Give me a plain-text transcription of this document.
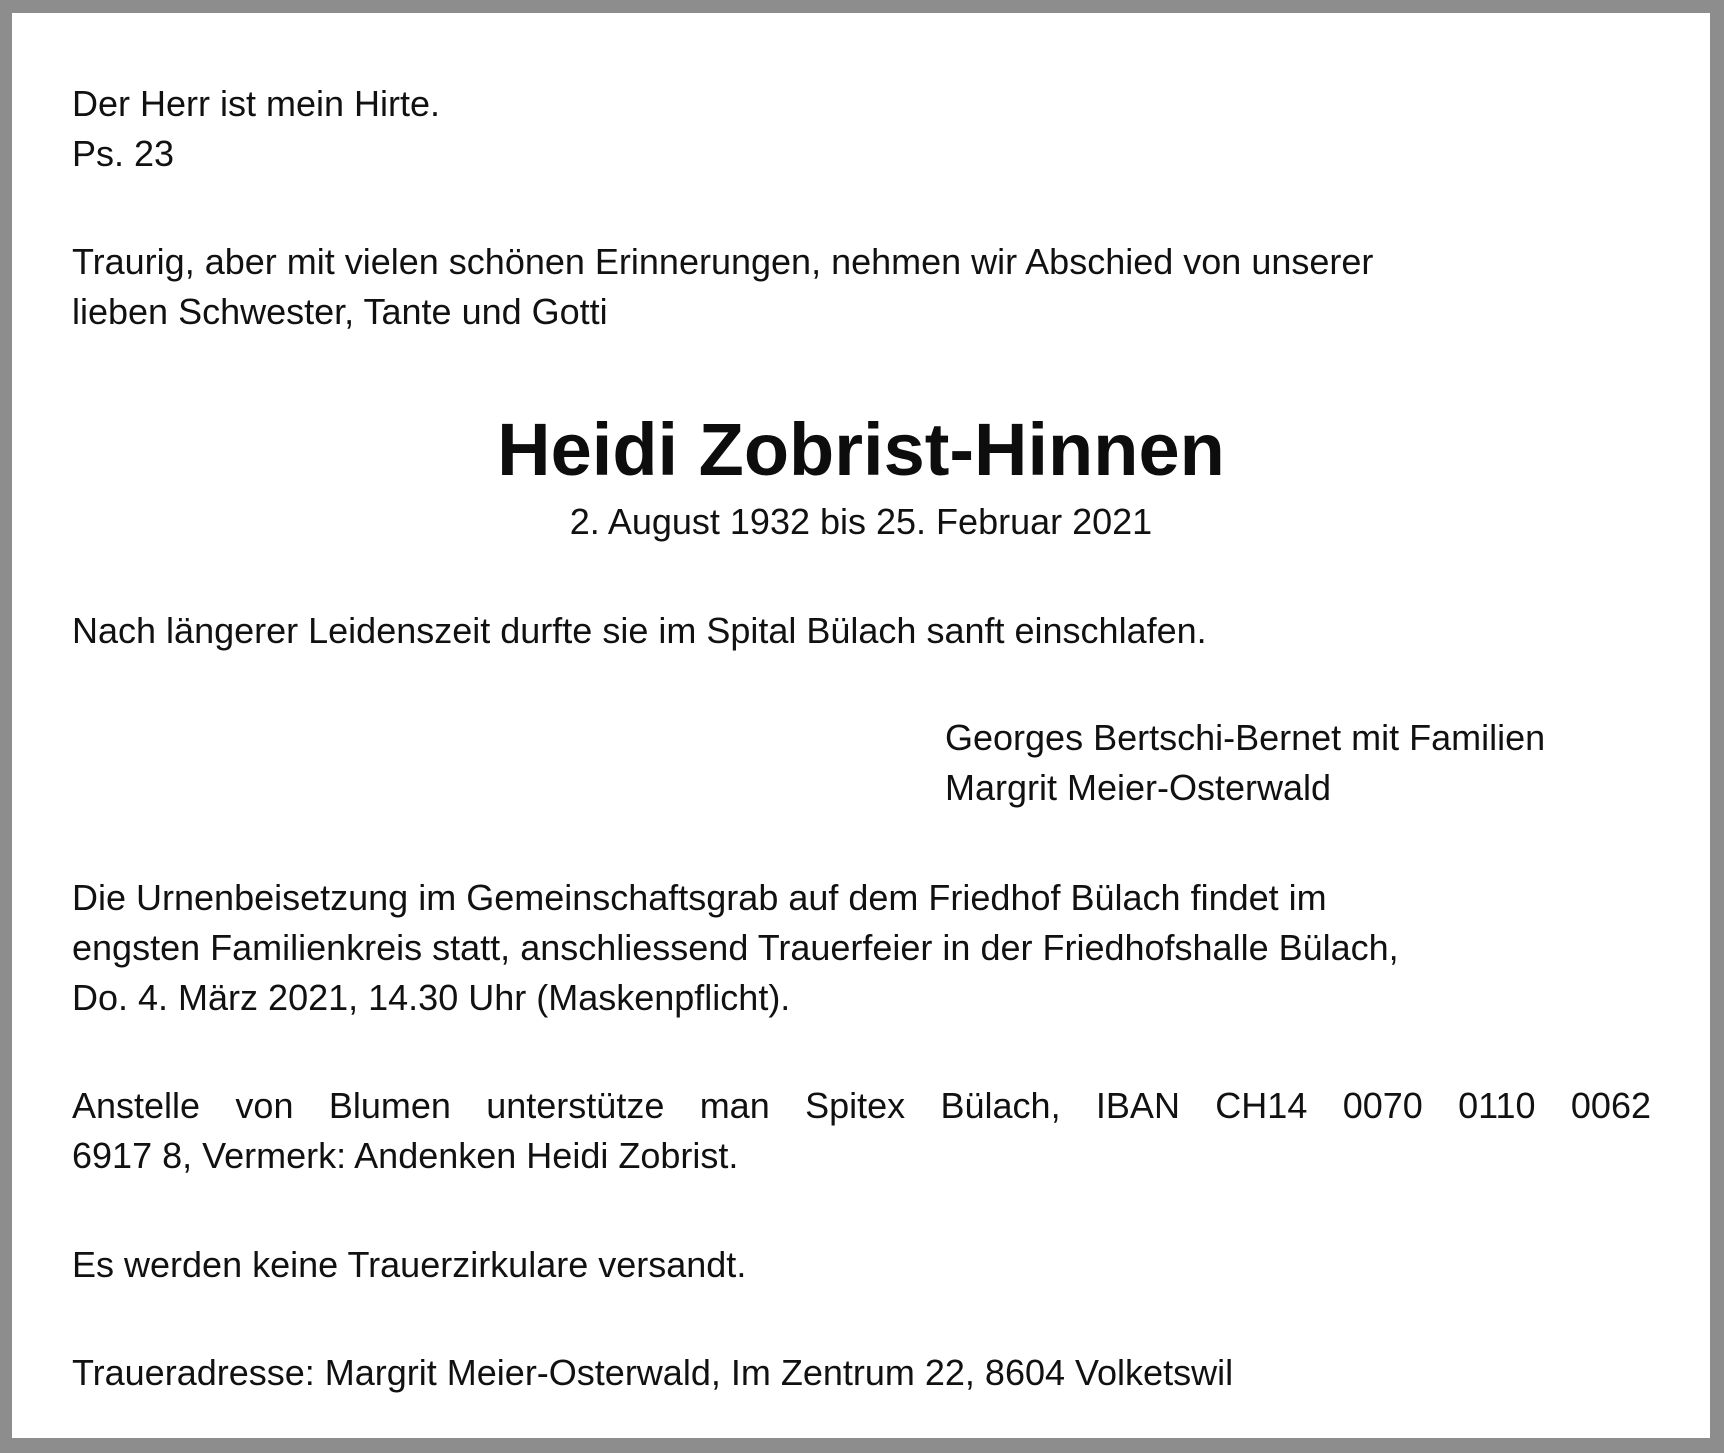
Der Herr ist mein Hirte.
Ps. 23

Traurig, aber mit vielen schönen Erinnerungen, nehmen wir Abschied von unserer
lieben Schwester, Tante und Gotti

Heidi Zobrist-Hinnen

2. August 1932 bis 25. Februar 2021

Nach längerer Leidenszeit durfte sie im Spital Bülach sanft einschlafen.

Georges Bertschi-Bernet mit Familien
Margrit Meier-Osterwald

Die Urnenbeisetzung im Gemeinschaftsgrab auf dem Friedhof Bülach findet im
engsten Familienkreis statt, anschliessend Trauerfeier in der Friedhofshalle Bülach,
Do. 4. März 2021, 14.30 Uhr (Maskenpflicht).

Anstelle von Blumen unterstütze man Spitex Bülach, IBAN CH14 0070 0110 0062
6917 8, Vermerk: Andenken Heidi Zobrist.

Es werden keine Trauerzirkulare versandt.

Traueradresse: Margrit Meier-Osterwald, Im Zentrum 22, 8604 Volketswil
